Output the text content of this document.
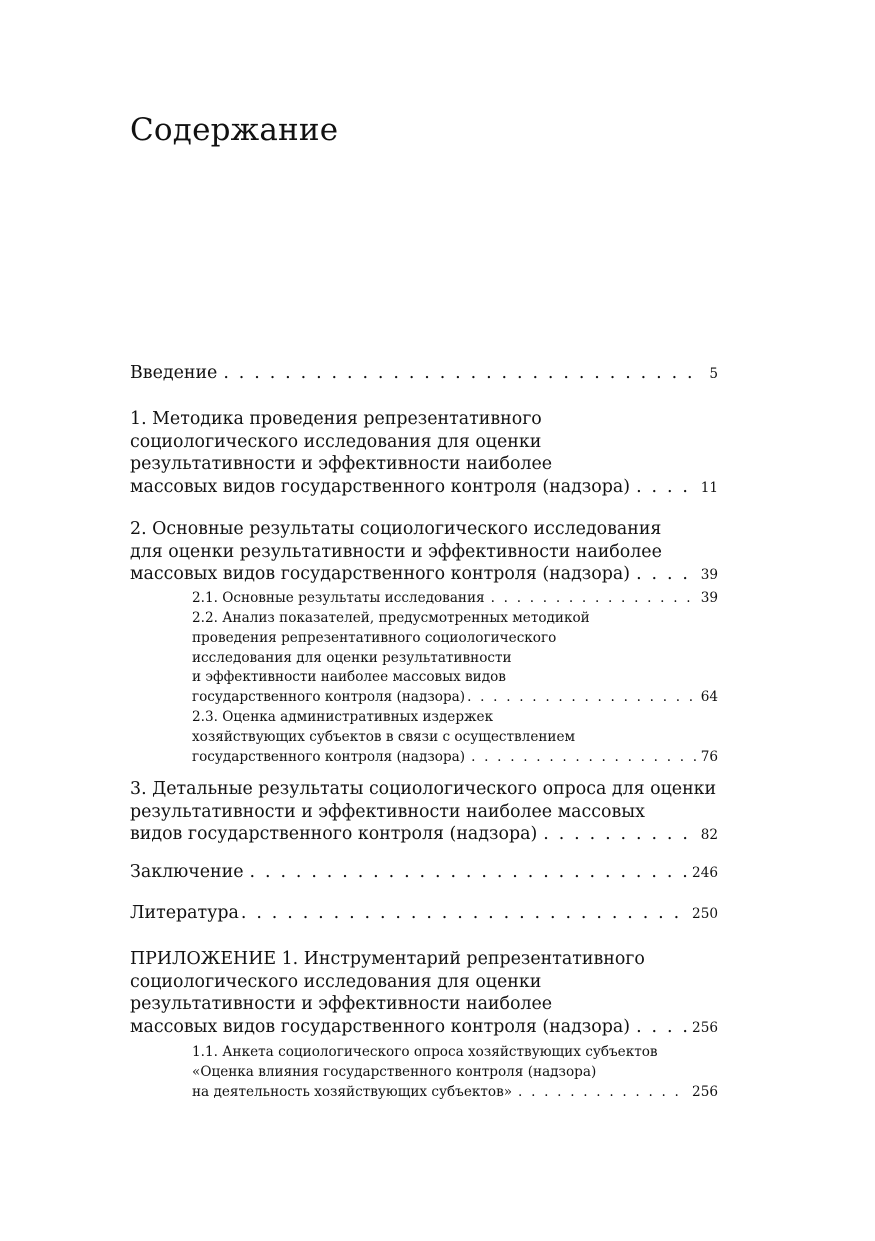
Содержание
Введение . . .	5
1. Методика проведения репрезентативного
социологического исследования для оценки
результативности и эффективности наиболее
массовых видов государственного контроля (надзора) . . .	11
2. Основные результаты социологического исследования
для оценки результативности и эффективности наиболее
массовых видов государственного контроля (надзора) . . .	39
2.1. Основные результаты исследования . . .	39
2.2. Анализ показателей, предусмотренных методикой
проведения репрезентативного социологического
исследования для оценки результативности
и эффективности наиболее массовых видов
государственного контроля (надзора) . . .	64
2.3. Оценка административных издержек
хозяйствующих субъектов в связи с осуществлением
государственного контроля (надзора) . . .	76
3. Детальные результаты социологического опроса для оценки
результативности и эффективности наиболее массовых
видов государственного контроля (надзора) . . .	82
Заключение . . .	246
Литература . . .	250
ПРИЛОЖЕНИЕ 1. Инструментарий репрезентативного
социологического исследования для оценки
результативности и эффективности наиболее
массовых видов государственного контроля (надзора) . . .	256
1.1. Анкета социологического опроса хозяйствующих субъектов
«Оценка влияния государственного контроля (надзора)
на деятельность хозяйствующих субъектов» . . .	256
